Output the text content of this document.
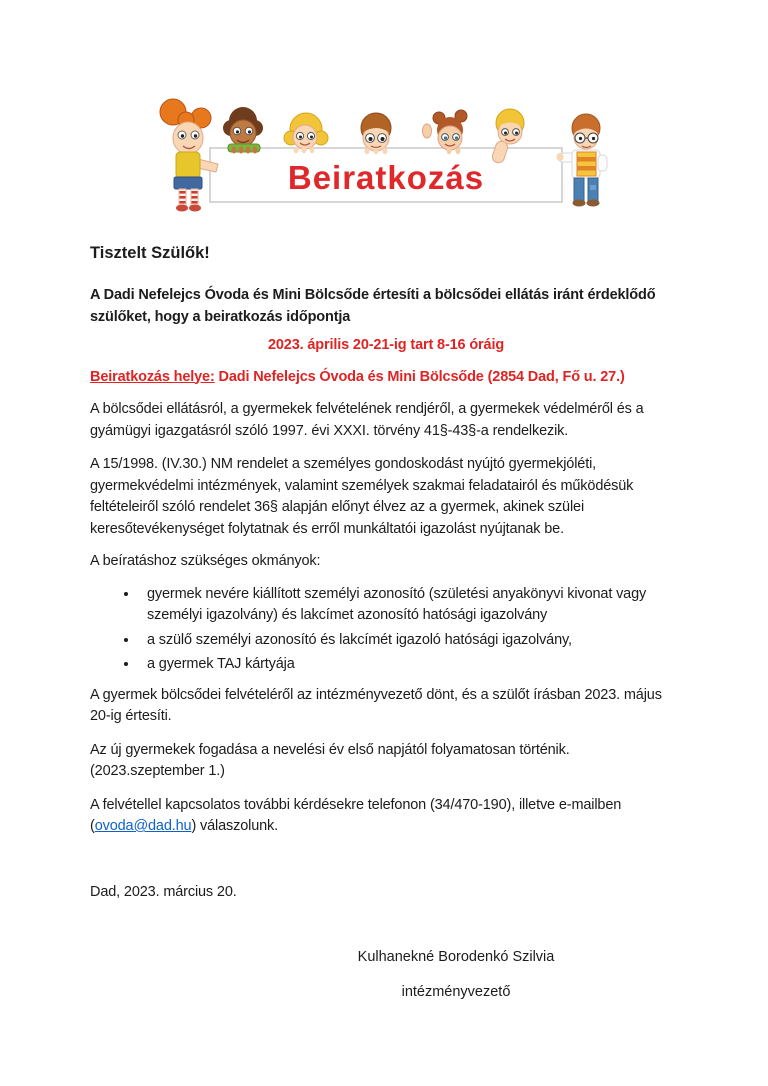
Beiratkozás
Tisztelt Szülők!

A Dadi Nefelejcs Óvoda és Mini Bölcsőde értesíti a bölcsődei ellátás iránt érdeklődő szülőket, hogy a beiratkozás időpontja

2023. április 20-21-ig tart 8-16 óráig

Beiratkozás helye: Dadi Nefelejcs Óvoda és Mini Bölcsőde (2854 Dad, Fő u. 27.)

A bölcsődei ellátásról, a gyermekek felvételének rendjéről, a gyermekek védelméről és a gyámügyi igazgatásról szóló 1997. évi XXXI. törvény 41§-43§-a rendelkezik.

A 15/1998. (IV.30.) NM rendelet a személyes gondoskodást nyújtó gyermekjóléti, gyermekvédelmi intézmények, valamint személyek szakmai feladatairól és működésük feltételeiről szóló rendelet 36§ alapján előnyt élvez az a gyermek, akinek szülei keresőtevékenységet folytatnak és erről munkáltatói igazolást nyújtanak be.

A beíratáshoz szükséges okmányok:

• gyermek nevére kiállított személyi azonosító (születési anyakönyvi kivonat vagy személyi igazolvány) és lakcímet azonosító hatósági igazolvány
• a szülő személyi azonosító és lakcímét igazoló hatósági igazolvány,
• a gyermek TAJ kártyája

A gyermek bölcsődei felvételéről az intézményvezető dönt, és a szülőt írásban 2023. május 20-ig értesíti.

Az új gyermekek fogadása a nevelési év első napjától folyamatosan történik. (2023.szeptember 1.)

A felvétellel kapcsolatos további kérdésekre telefonon (34/470-190), illetve e-mailben (ovoda@dad.hu) válaszolunk.

Dad, 2023. március 20.

Kulhanekné Borodenkó Szilvia
intézményvezető
